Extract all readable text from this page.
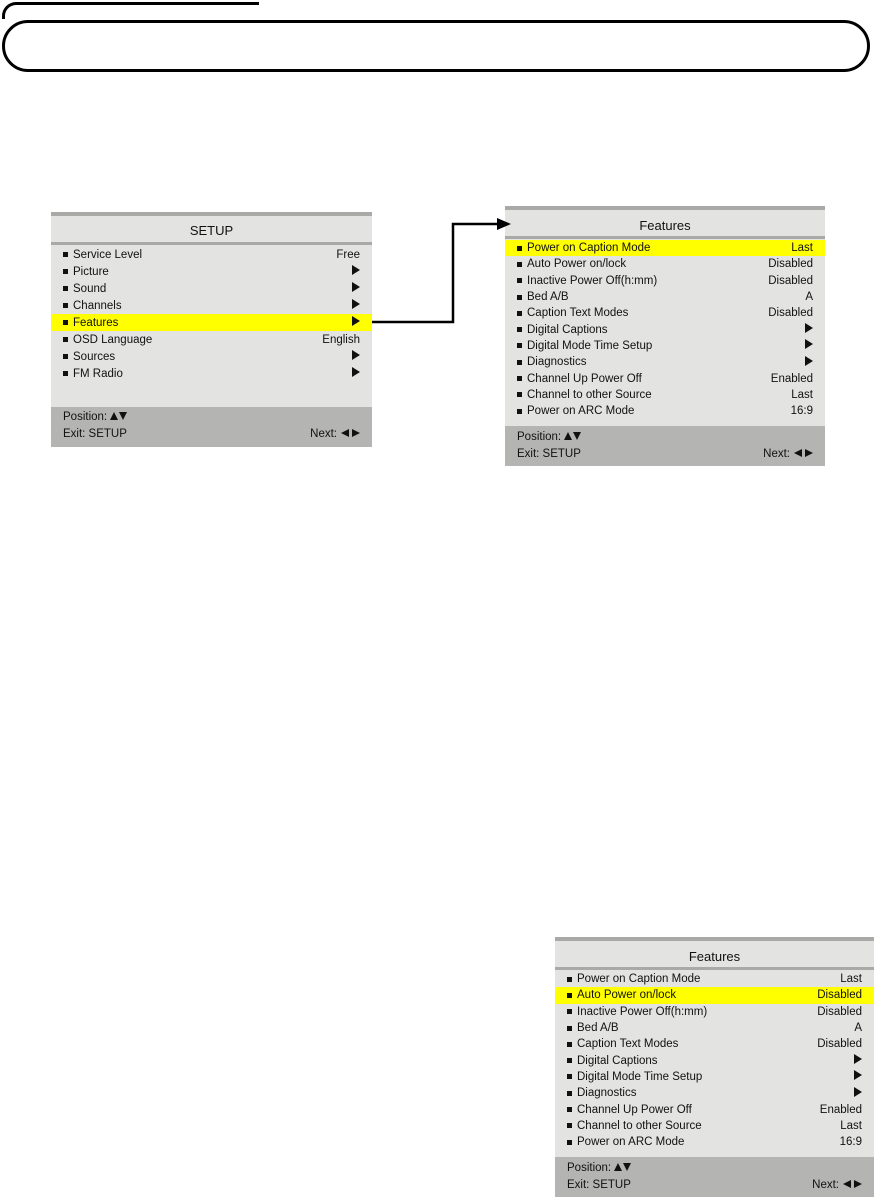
SETUP
Service Level	Free
Picture
Sound
Channels
Features
OSD Language	English
Sources
FM Radio
Position:
Exit: SETUP	Next:
Features
Power on Caption Mode	Last
Auto Power on/lock	Disabled
Inactive Power Off(h:mm)	Disabled
Bed A/B	A
Caption Text Modes	Disabled
Digital Captions
Digital Mode Time Setup
Diagnostics
Channel Up Power Off	Enabled
Channel to other Source	Last
Power on ARC Mode	16:9
Position:
Exit: SETUP	Next:
Features
Power on Caption Mode	Last
Auto Power on/lock	Disabled
Inactive Power Off(h:mm)	Disabled
Bed A/B	A
Caption Text Modes	Disabled
Digital Captions
Digital Mode Time Setup
Diagnostics
Channel Up Power Off	Enabled
Channel to other Source	Last
Power on ARC Mode	16:9
Position:
Exit: SETUP	Next:
